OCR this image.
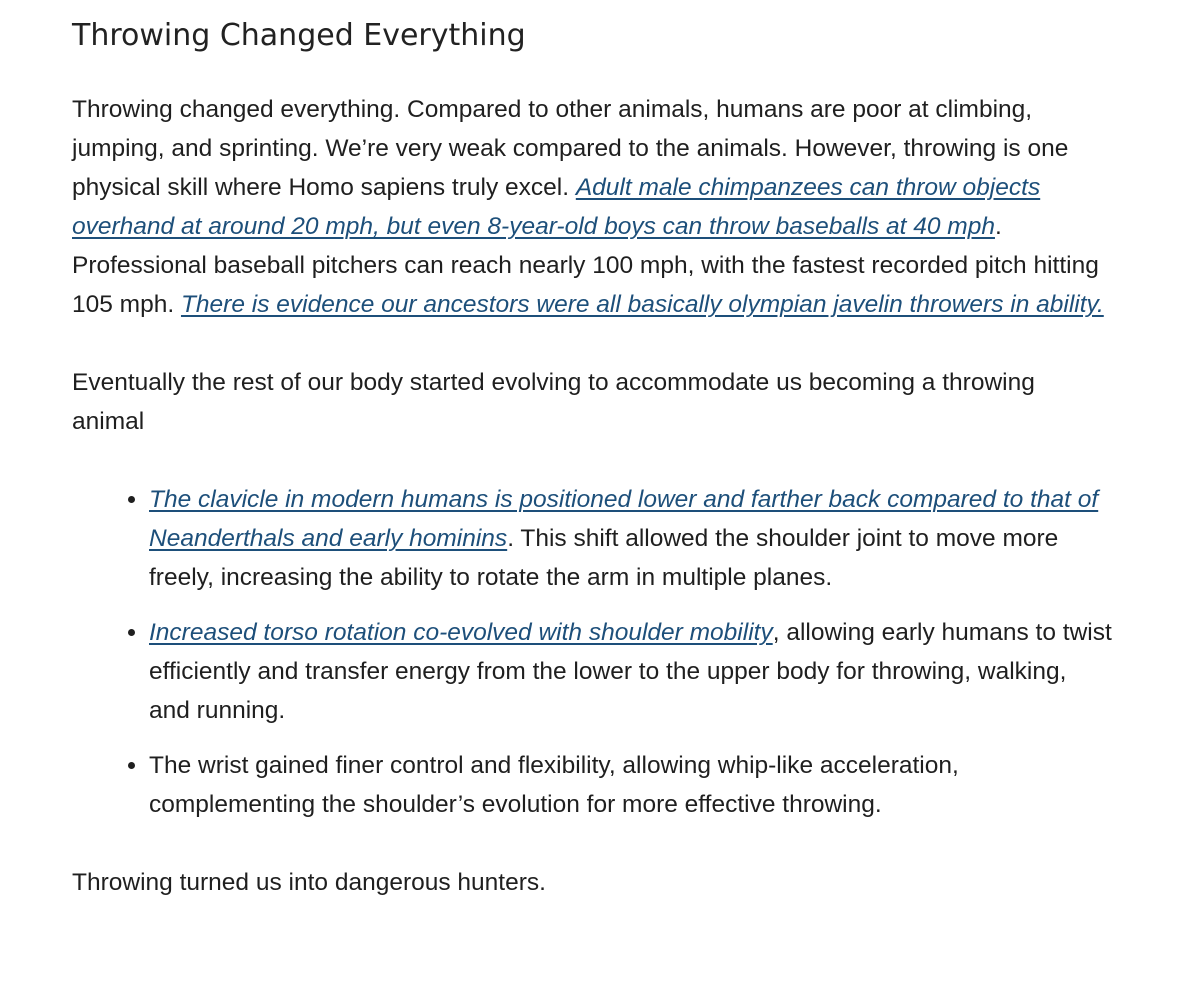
Throwing Changed Everything

Throwing changed everything. Compared to other animals, humans are poor at climbing, jumping, and sprinting. We’re very weak compared to the animals. However, throwing is one physical skill where Homo sapiens truly excel. Adult male chimpanzees can throw objects overhand at around 20 mph, but even 8-year-old boys can throw baseballs at 40 mph. Professional baseball pitchers can reach nearly 100 mph, with the fastest recorded pitch hitting 105 mph. There is evidence our ancestors were all basically olympian javelin throwers in ability.

Eventually the rest of our body started evolving to accommodate us becoming a throwing animal

• The clavicle in modern humans is positioned lower and farther back compared to that of Neanderthals and early hominins. This shift allowed the shoulder joint to move more freely, increasing the ability to rotate the arm in multiple planes.
• Increased torso rotation co-evolved with shoulder mobility, allowing early humans to twist efficiently and transfer energy from the lower to the upper body for throwing, walking, and running.
• The wrist gained finer control and flexibility, allowing whip-like acceleration, complementing the shoulder’s evolution for more effective throwing.

Throwing turned us into dangerous hunters.
